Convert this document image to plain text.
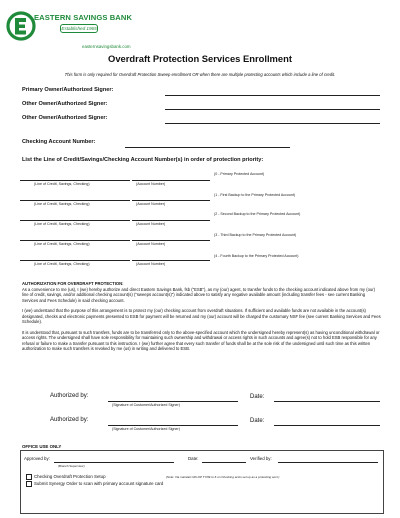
EASTERN SAVINGS BANK
Established 1965
easternsavingsbank.com
Overdraft Protection Services Enrollment
This form is only required for Overdraft Protection Sweep enrollment OR when there are multiple protecting accounts which include a line of credit.
Primary Owner/Authorized Signer:
Other Owner/Authorized Signer:
Other Owner/Authorized Signer:
Checking Account Number:
List the Line of Credit/Savings/Checking Account Number(s) in order of protection priority:
(0 - Primary Protected Account)
(Line of Credit, Savings, Checking)	(Account Number)
(1 - First Backup to the Primary Protected Account)
(Line of Credit, Savings, Checking)	(Account Number)
(2 - Second Backup to the Primary Protected Account)
(Line of Credit, Savings, Checking)	(Account Number)
(3 - Third Backup to the Primary Protected Account)
(Line of Credit, Savings, Checking)	(Account Number)
(4 - Fourth Backup to the Primary Protected Account)
(Line of Credit, Savings, Checking)	(Account Number)
AUTHORIZATION FOR OVERDRAFT PROTECTION:
As a convenience to me (us), I (we) hereby authorize and direct Eastern Savings Bank, fsb ("ESB"), as my (our) agent, to transfer funds to the checking account indicated above from my (our) line of credit, savings, and/or additional checking account(s) ("sweeps account(s)") indicated above to satisfy any negative available amount (including transfer fees - see current Banking Services and Fees Schedule) in said checking account.
I (we) understand that the purpose of this arrangement is to protect my (our) checking account from overdraft situations. If sufficient and available funds are not available in the account(s) designated, checks and electronic payments presented to ESB for payment will be returned and my (our) account will be charged the customary NSF fee (see current Banking Services and Fees Schedule).
It is understood that, pursuant to such transfers, funds are to be transferred only to the above-specified account which the undersigned hereby represent(s) as having unconditional withdrawal or access rights. The undersigned shall have sole responsibility for maintaining such ownership and withdrawal or access rights in such accounts and agree(s) not to hold ESB responsible for any refusal or failure to make a transfer pursuant to this instruction. I (we) further agree that every such transfer of funds shall be at the sole risk of the undersigned until such time as this written authorization to make such transfers is revoked by me (us) in writing and delivered to ESB.
Authorized by:
(Signature of Customer/Authorized Signer)
Date:
Authorized by:
(Signature of Customer/Authorized Signer)
Date:
OFFICE USE ONLY
Approved by:
(Branch Supervisor)
Date:	Verified by:
Checking Overdraft Protection Setup	(Note: Via maintain ND-OP TYPE to 6 on Checking accts set up as a protecting acct.)
Submit Synergy Order to scan with primary account signature card
